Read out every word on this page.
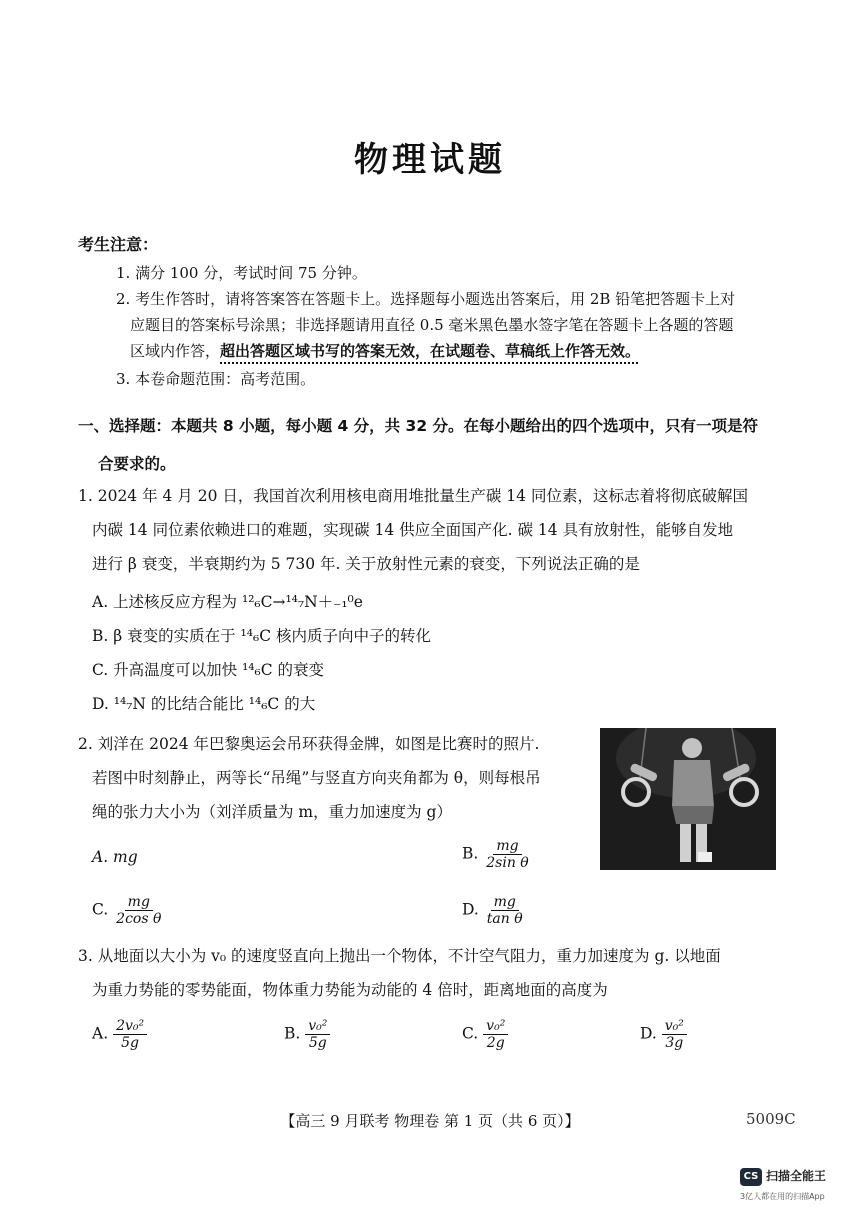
物理试题
考生注意：
1. 满分 100 分，考试时间 75 分钟。
2. 考生作答时，请将答案答在答题卡上。选择题每小题选出答案后，用 2B 铅笔把答题卡上对
应题目的答案标号涂黑；非选择题请用直径 0.5 毫米黑色墨水签字笔在答题卡上各题的答题
区域内作答，超出答题区域书写的答案无效，在试题卷、草稿纸上作答无效。
3. 本卷命题范围：高考范围。
一、选择题：本题共 8 小题，每小题 4 分，共 32 分。在每小题给出的四个选项中，只有一项是符
合要求的。
1. 2024 年 4 月 20 日，我国首次利用核电商用堆批量生产碳 14 同位素，这标志着将彻底破解国
内碳 14 同位素依赖进口的难题，实现碳 14 供应全面国产化. 碳 14 具有放射性，能够自发地
进行 β 衰变，半衰期约为 5 730 年. 关于放射性元素的衰变，下列说法正确的是
A. 上述核反应方程为 ¹²₆C→¹⁴₇N＋₋₁⁰e
B. β 衰变的实质在于 ¹⁴₆C 核内质子向中子的转化
C. 升高温度可以加快 ¹⁴₆C 的衰变
D. ¹⁴₇N 的比结合能比 ¹⁴₆C 的大
2. 刘洋在 2024 年巴黎奥运会吊环获得金牌，如图是比赛时的照片.
若图中时刻静止，两等长“吊绳”与竖直方向夹角都为 θ，则每根吊
绳的张力大小为（刘洋质量为 m，重力加速度为 g）
A. mg	B. $\frac{mg}{\text{2sin θ}}$
C. $\frac{mg}{\text{2cos θ}}$	D. $\frac{mg}{\text{tan θ}}$
3. 从地面以大小为 v₀ 的速度竖直向上抛出一个物体，不计空气阻力，重力加速度为 g. 以地面
为重力势能的零势能面，物体重力势能为动能的 4 倍时，距离地面的高度为
A. $\frac{\text{2v₀²}}{5g}$	B. $\frac{\text{v₀²}}{5g}$	C. $\frac{\text{v₀²}}{2g}$	D. $\frac{\text{v₀²}}{3g}$
【高三 9 月联考 物理卷 第 1 页（共 6 页）】	5009C
CS 扫描全能王
3亿人都在用的扫描App
